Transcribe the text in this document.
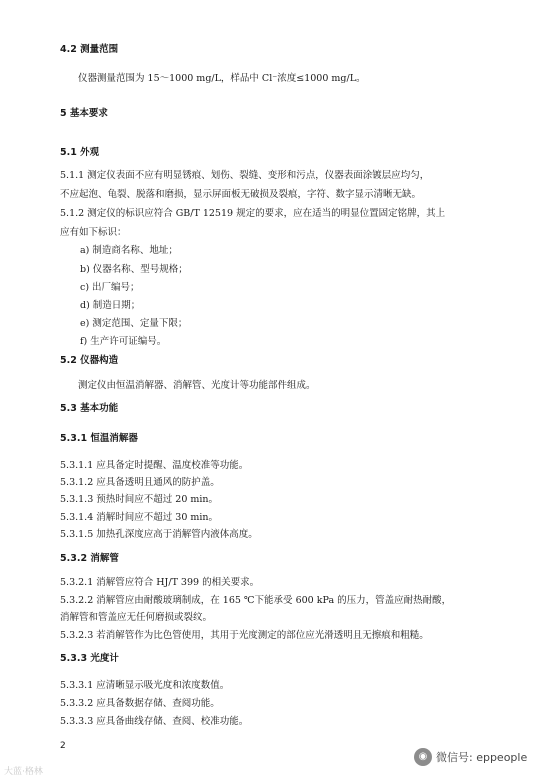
4.2 测量范围
仪器测量范围为 15～1000 mg/L，样品中 Cl⁻浓度≤1000 mg/L。
5 基本要求
5.1 外观
5.1.1 测定仪表面不应有明显锈痕、划伤、裂缝、变形和污点，仪器表面涂镀层应均匀，
不应起泡、龟裂、脱落和磨损，显示屏面板无破损及裂痕，字符、数字显示清晰无缺。
5.1.2 测定仪的标识应符合 GB/T 12519 规定的要求，应在适当的明显位置固定铭牌，其上
应有如下标识：
a) 制造商名称、地址；
b) 仪器名称、型号规格；
c) 出厂编号；
d) 制造日期；
e) 测定范围、定量下限；
f) 生产许可证编号。
5.2 仪器构造
测定仪由恒温消解器、消解管、光度计等功能部件组成。
5.3 基本功能
5.3.1 恒温消解器
5.3.1.1 应具备定时提醒、温度校准等功能。
5.3.1.2 应具备透明且通风的防护盖。
5.3.1.3 预热时间应不超过 20 min。
5.3.1.4 消解时间应不超过 30 min。
5.3.1.5 加热孔深度应高于消解管内液体高度。
5.3.2 消解管
5.3.2.1 消解管应符合 HJ/T 399 的相关要求。
5.3.2.2 消解管应由耐酸玻璃制成，在 165 ℃下能承受 600 kPa 的压力，管盖应耐热耐酸，
消解管和管盖应无任何磨损或裂纹。
5.3.2.3 若消解管作为比色管使用，其用于光度测定的部位应光滑透明且无擦痕和粗糙。
5.3.3 光度计
5.3.3.1 应清晰显示吸光度和浓度数值。
5.3.3.2 应具备数据存储、查阅功能。
5.3.3.3 应具备曲线存储、查阅、校准功能。
2
大蓝·格林
◉ 微信号: eppeople
